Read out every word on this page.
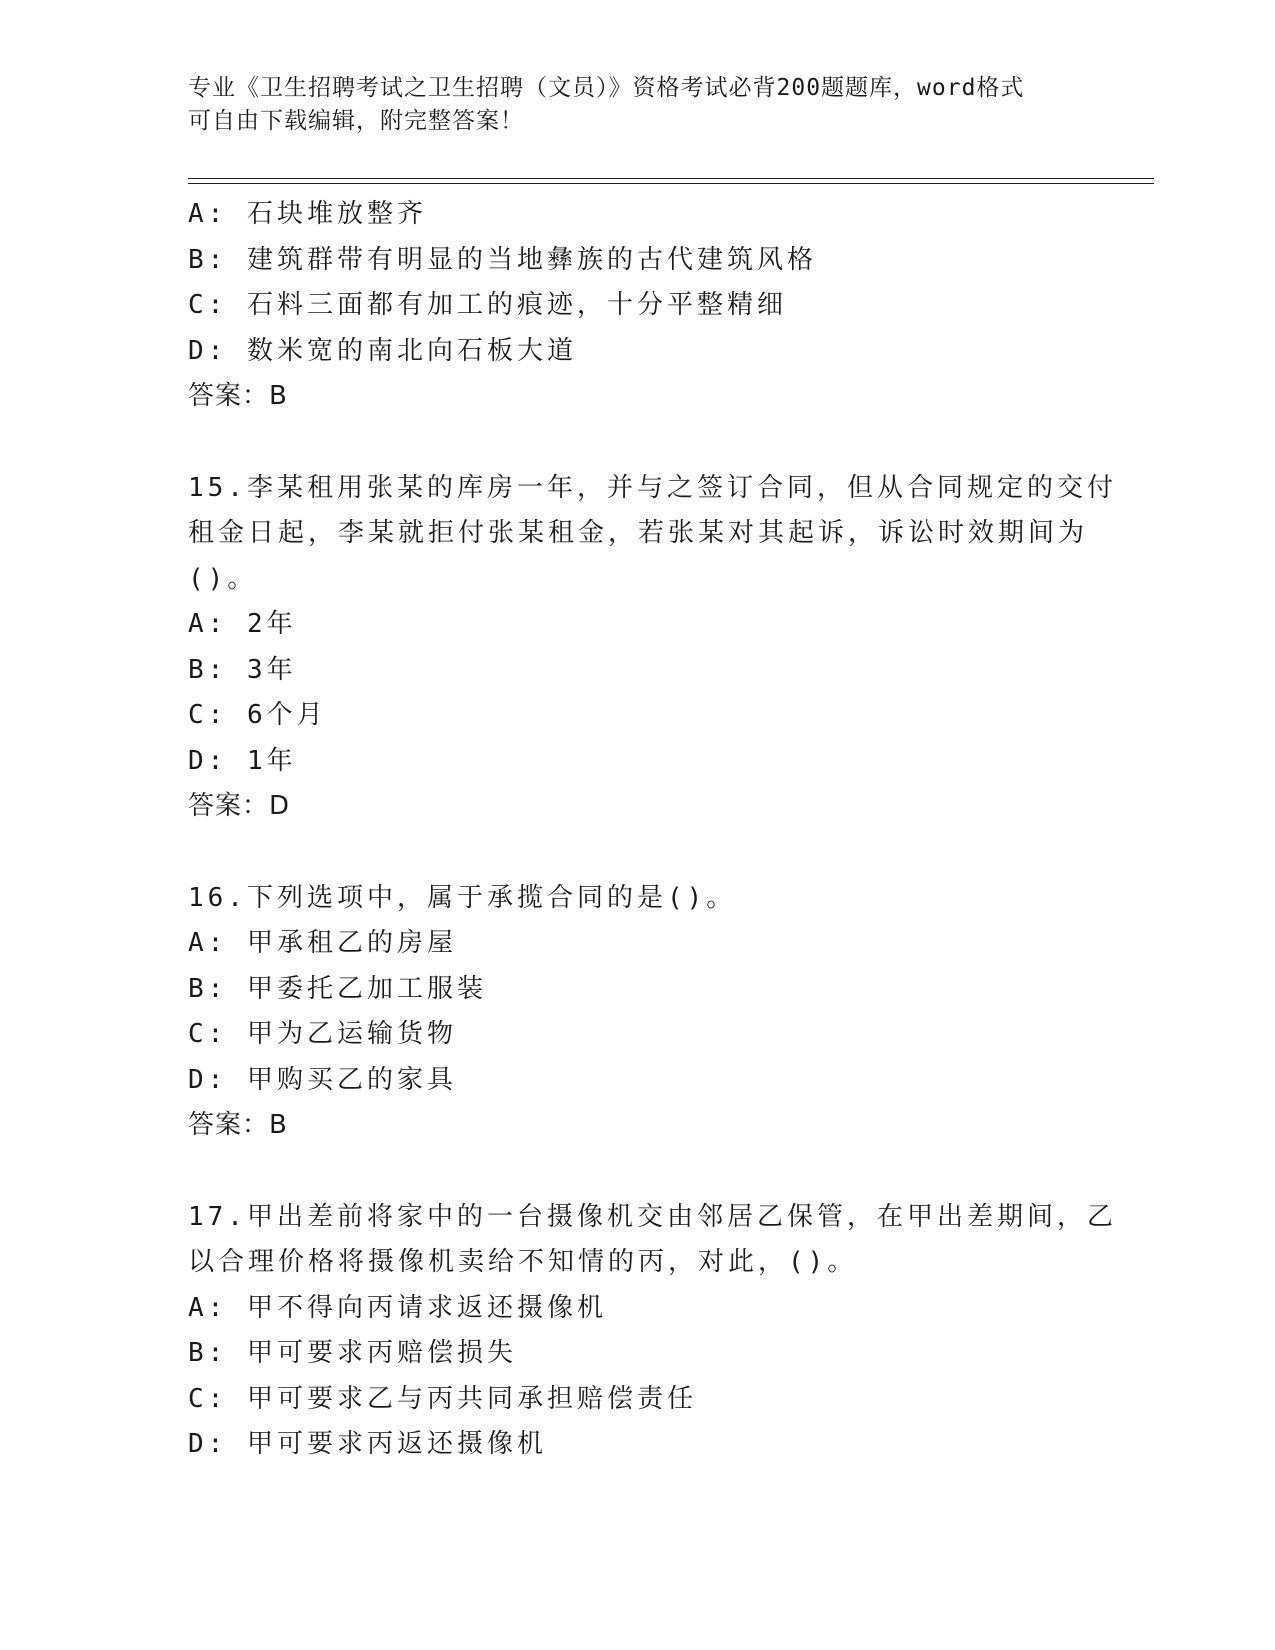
专业《卫生招聘考试之卫生招聘（文员）》资格考试必背200题题库，word格式
可自由下载编辑，附完整答案！
A: 石块堆放整齐
B: 建筑群带有明显的当地彝族的古代建筑风格
C: 石料三面都有加工的痕迹，十分平整精细
D: 数米宽的南北向石板大道
答案：B
15.李某租用张某的库房一年，并与之签订合同，但从合同规定的交付
租金日起，李某就拒付张某租金，若张某对其起诉，诉讼时效期间为
()。
A: 2年
B: 3年
C: 6个月
D: 1年
答案：D
16.下列选项中，属于承揽合同的是()。
A: 甲承租乙的房屋
B: 甲委托乙加工服装
C: 甲为乙运输货物
D: 甲购买乙的家具
答案：B
17.甲出差前将家中的一台摄像机交由邻居乙保管，在甲出差期间，乙
以合理价格将摄像机卖给不知情的丙，对此，()。
A: 甲不得向丙请求返还摄像机
B: 甲可要求丙赔偿损失
C: 甲可要求乙与丙共同承担赔偿责任
D: 甲可要求丙返还摄像机
